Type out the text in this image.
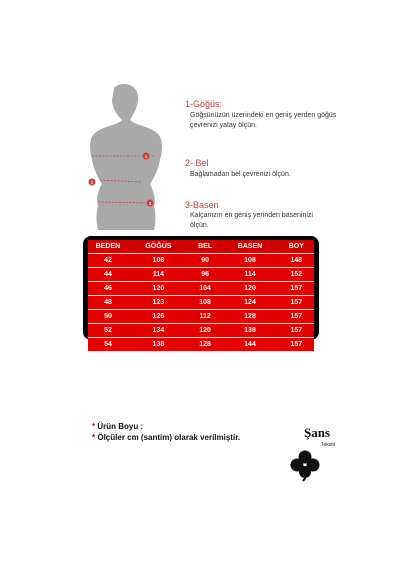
1
2
3
1-Göğüs:
Göğsünüzün üzerindeki en geniş yerden göğüs çevrenizi yatay ölçün.
2- Bel
Bağlamadan bel çevrenizi ölçün.
3-Basen
Kalçanızın en geniş yerinden baseninizi ölçün.
BEDEN	GÖĞÜS	BEL	BASEN	BOY
42	108	90	108	148
44	114	96	114	152
46	120	104	120	157
48	123	108	124	157
50	126	112	128	157
52	134	120	138	157
54	138	128	144	157
* Ürün Boyu :
* Ölçüler cm (santim) olarak verilmiştir.	Şans
Tekstil
